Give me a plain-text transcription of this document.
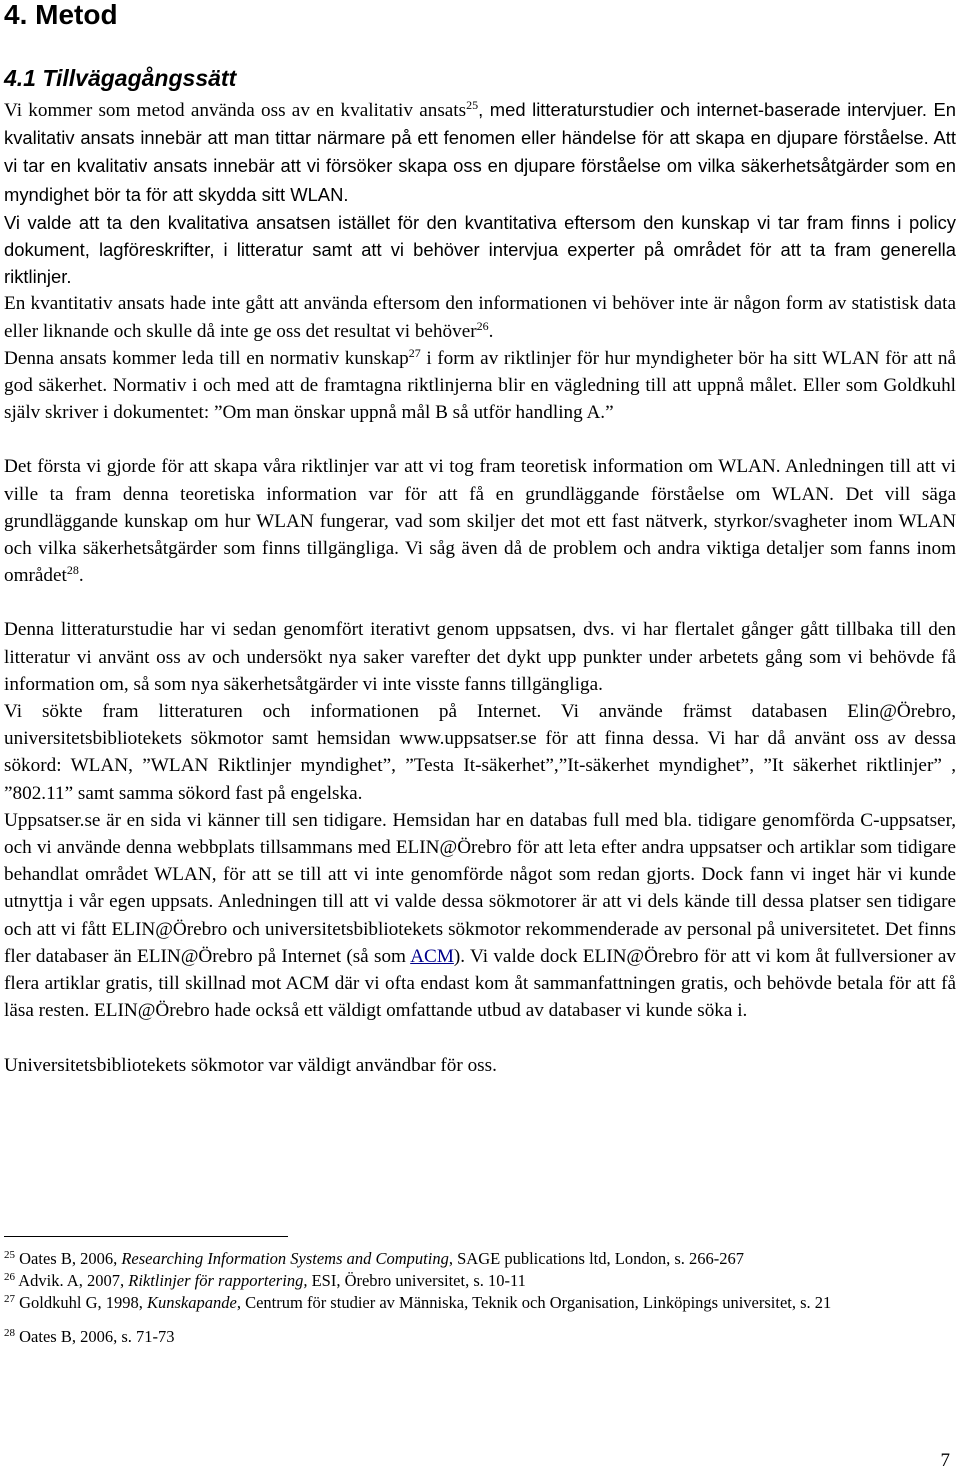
4. Metod
4.1 Tillvägagångssätt

Vi kommer som metod använda oss av en kvalitativ ansats$^{25}$, med litteraturstudier och internet-baserade intervjuer. En kvalitativ ansats innebär att man tittar närmare på ett fenomen eller händelse för att skapa en djupare förståelse. Att vi tar en kvalitativ ansats innebär att vi försöker skapa oss en djupare förståelse om vilka säkerhetsåtgärder som en myndighet bör ta för att skydda sitt WLAN.

Vi valde att ta den kvalitativa ansatsen istället för den kvantitativa eftersom den kunskap vi tar fram finns i policy dokument, lagföreskrifter, i litteratur samt att vi behöver intervjua experter på området för att ta fram generella riktlinjer.

En kvantitativ ansats hade inte gått att använda eftersom den informationen vi behöver inte är någon form av statistisk data eller liknande och skulle då inte ge oss det resultat vi behöver$^{26}$.

Denna ansats kommer leda till en normativ kunskap$^{27}$ i form av riktlinjer för hur myndigheter bör ha sitt WLAN för att nå god säkerhet. Normativ i och med att de framtagna riktlinjerna blir en vägledning till att uppnå målet. Eller som Goldkuhl själv skriver i dokumentet: ”Om man önskar uppnå mål B så utför handling A.”

Det första vi gjorde för att skapa våra riktlinjer var att vi tog fram teoretisk information om WLAN. Anledningen till att vi ville ta fram denna teoretiska information var för att få en grundläggande förståelse om WLAN. Det vill säga grundläggande kunskap om hur WLAN fungerar, vad som skiljer det mot ett fast nätverk, styrkor/svagheter inom WLAN och vilka säkerhetsåtgärder som finns tillgängliga. Vi såg även då de problem och andra viktiga detaljer som fanns inom området$^{28}$.

Denna litteraturstudie har vi sedan genomfört iterativt genom uppsatsen, dvs. vi har flertalet gånger gått tillbaka till den litteratur vi använt oss av och undersökt nya saker varefter det dykt upp punkter under arbetets gång som vi behövde få information om, så som nya säkerhetsåtgärder vi inte visste fanns tillgängliga.

Vi sökte fram litteraturen och informationen på Internet. Vi använde främst databasen Elin@Örebro, universitetsbibliotekets sökmotor samt hemsidan www.uppsatser.se för att finna dessa. Vi har då använt oss av dessa sökord: WLAN, ”WLAN Riktlinjer myndighet”, ”Testa It-säkerhet”,”It-säkerhet myndighet”, ”It säkerhet riktlinjer” , ”802.11” samt samma sökord fast på engelska.

Uppsatser.se är en sida vi känner till sen tidigare. Hemsidan har en databas full med bla. tidigare genomförda C-uppsatser, och vi använde denna webbplats tillsammans med ELIN@Örebro för att leta efter andra uppsatser och artiklar som tidigare behandlat området WLAN, för att se till att vi inte genomförde något som redan gjorts. Dock fann vi inget här vi kunde utnyttja i vår egen uppsats. Anledningen till att vi valde dessa sökmotorer är att vi dels kände till dessa platser sen tidigare och att vi fått ELIN@Örebro och universitetsbibliotekets sökmotor rekommenderade av personal på universitetet. Det finns fler databaser än ELIN@Örebro på Internet (så som ACM). Vi valde dock ELIN@Örebro för att vi kom åt fullversioner av flera artiklar gratis, till skillnad mot ACM där vi ofta endast kom åt sammanfattningen gratis, och behövde betala för att få läsa resten. ELIN@Örebro hade också ett väldigt omfattande utbud av databaser vi kunde söka i.

Universitetsbibliotekets sökmotor var väldigt användbar för oss.

$^{25}$ Oates B, 2006, Researching Information Systems and Computing, SAGE publications ltd, London, s. 266-267

$^{26}$ Advik. A, 2007, Riktlinjer för rapportering, ESI, Örebro universitet, s. 10-11

$^{27}$ Goldkuhl G, 1998, Kunskapande, Centrum för studier av Människa, Teknik och Organisation, Linköpings universitet, s. 21

$^{28}$ Oates B, 2006, s. 71-73

7
